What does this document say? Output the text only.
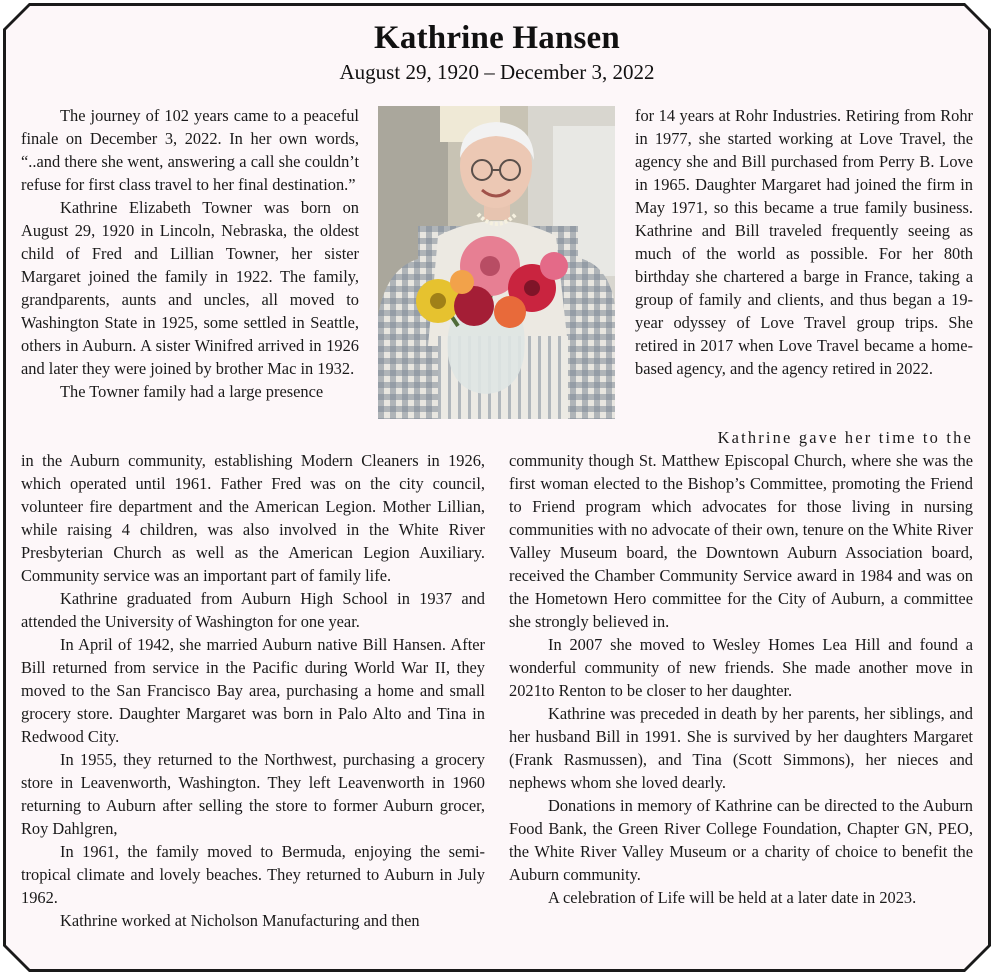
Kathrine Hansen
August 29, 1920 – December 3, 2022

The journey of 102 years came to a peaceful finale on December 3, 2022. In her own words, “..and there she went, answering a call she couldn’t refuse for first class travel to her final destination.”

Kathrine Elizabeth Towner was born on August 29, 1920 in Lincoln, Nebraska, the oldest child of Fred and Lillian Towner, her sister Margaret joined the family in 1922. The family, grandparents, aunts and uncles, all moved to Washington State in 1925, some settled in Seattle, others in Auburn. A sister Winifred arrived in 1926 and later they were joined by brother Mac in 1932.

The Towner family had a large presence

in the Auburn community, establishing Modern Cleaners in 1926, which operated until 1961. Father Fred was on the city council, volunteer fire department and the American Legion. Mother Lillian, while raising 4 children, was also involved in the White River Presbyterian Church as well as the American Legion Auxiliary. Community service was an important part of family life.

Kathrine graduated from Auburn High School in 1937 and attended the University of Washington for one year.

In April of 1942, she married Auburn native Bill Hansen. After Bill returned from service in the Pacific during World War II, they moved to the San Francisco Bay area, purchasing a home and small grocery store. Daughter Margaret was born in Palo Alto and Tina in Redwood City.

In 1955, they returned to the Northwest, purchasing a grocery store in Leavenworth, Washington. They left Leavenworth in 1960 returning to Auburn after selling the store to former Auburn grocer, Roy Dahlgren,

In 1961, the family moved to Bermuda, enjoying the semi-tropical climate and lovely beaches. They returned to Auburn in July 1962.

Kathrine worked at Nicholson Manufacturing and then

for 14 years at Rohr Industries. Retiring from Rohr in 1977, she started working at Love Travel, the agency she and Bill purchased from Perry B. Love in 1965. Daughter Margaret had joined the firm in May 1971, so this became a true family business. Kathrine and Bill traveled frequently seeing as much of the world as possible. For her 80th birthday she chartered a barge in France, taking a group of family and clients, and thus began a 19-year odyssey of Love Travel group trips. She retired in 2017 when Love Travel became a home-based agency, and the agency retired in 2022.

Kathrine gave her time to the

community though St. Matthew Episcopal Church, where she was the first woman elected to the Bishop’s Committee, promoting the Friend to Friend program which advocates for those living in nursing communities with no advocate of their own, tenure on the White River Valley Museum board, the Downtown Auburn Association board, received the Chamber Community Service award in 1984 and was on the Hometown Hero committee for the City of Auburn, a committee she strongly believed in.

In 2007 she moved to Wesley Homes Lea Hill and found a wonderful community of new friends. She made another move in 2021to Renton to be closer to her daughter.

Kathrine was preceded in death by her parents, her siblings, and her husband Bill in 1991. She is survived by her daughters Margaret (Frank Rasmussen), and Tina (Scott Simmons), her nieces and nephews whom she loved dearly.

Donations in memory of Kathrine can be directed to the Auburn Food Bank, the Green River College Foundation, Chapter GN, PEO, the White River Valley Museum or a charity of choice to benefit the Auburn community.

A celebration of Life will be held at a later date in 2023.
